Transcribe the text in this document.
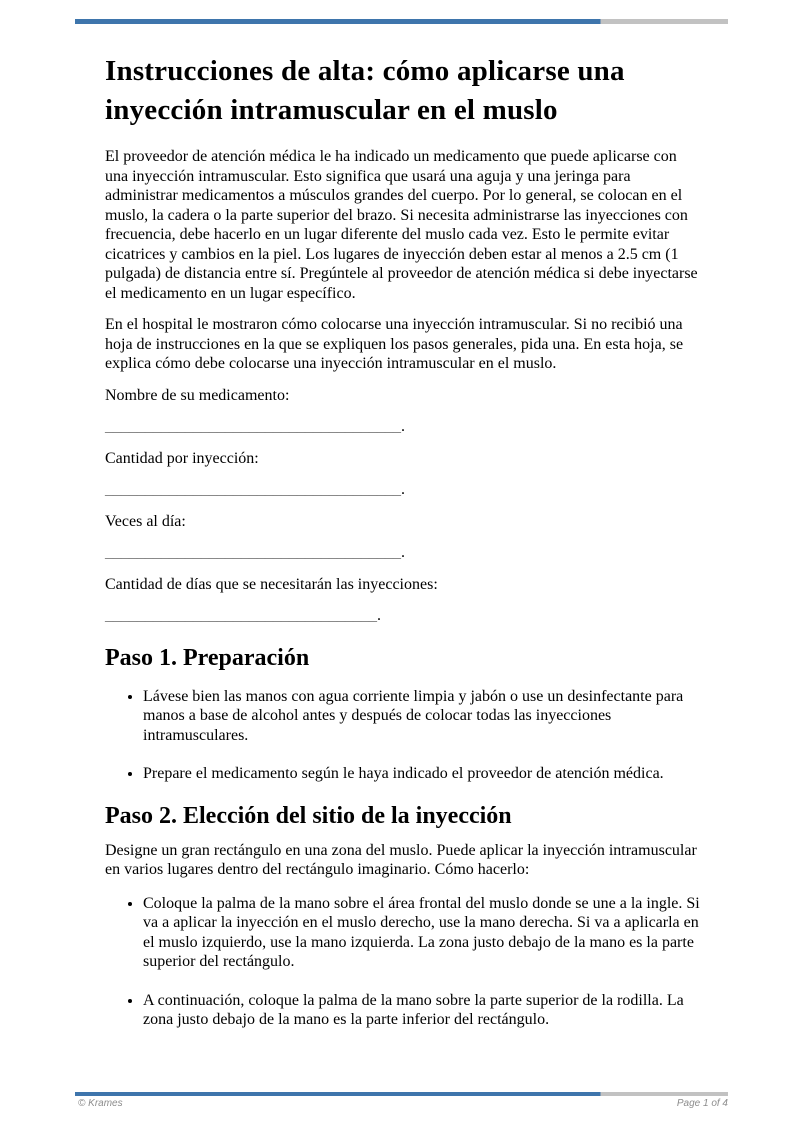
Instrucciones de alta: cómo aplicarse una inyección intramuscular en el muslo

El proveedor de atención médica le ha indicado un medicamento que puede aplicarse con una inyección intramuscular. Esto significa que usará una aguja y una jeringa para administrar medicamentos a músculos grandes del cuerpo. Por lo general, se colocan en el muslo, la cadera o la parte superior del brazo. Si necesita administrarse las inyecciones con frecuencia, debe hacerlo en un lugar diferente del muslo cada vez. Esto le permite evitar cicatrices y cambios en la piel. Los lugares de inyección deben estar al menos a 2.5 cm (1 pulgada) de distancia entre sí. Pregúntele al proveedor de atención médica si debe inyectarse el medicamento en un lugar específico.

En el hospital le mostraron cómo colocarse una inyección intramuscular. Si no recibió una hoja de instrucciones en la que se expliquen los pasos generales, pida una. En esta hoja, se explica cómo debe colocarse una inyección intramuscular en el muslo.

Nombre de su medicamento:

_____________________________________.

Cantidad por inyección:

_____________________________________.

Veces al día:

_____________________________________.

Cantidad de días que se necesitarán las inyecciones:

__________________________________.

Paso 1. Preparación
• Lávese bien las manos con agua corriente limpia y jabón o use un desinfectante para manos a base de alcohol antes y después de colocar todas las inyecciones intramusculares.
• Prepare el medicamento según le haya indicado el proveedor de atención médica.
Paso 2. Elección del sitio de la inyección

Designe un gran rectángulo en una zona del muslo. Puede aplicar la inyección intramuscular en varios lugares dentro del rectángulo imaginario. Cómo hacerlo:

• Coloque la palma de la mano sobre el área frontal del muslo donde se une a la ingle. Si va a aplicar la inyección en el muslo derecho, use la mano derecha. Si va a aplicarla en el muslo izquierdo, use la mano izquierda. La zona justo debajo de la mano es la parte superior del rectángulo.
• A continuación, coloque la palma de la mano sobre la parte superior de la rodilla. La zona justo debajo de la mano es la parte inferior del rectángulo.
© Krames	Page 1 of 4
